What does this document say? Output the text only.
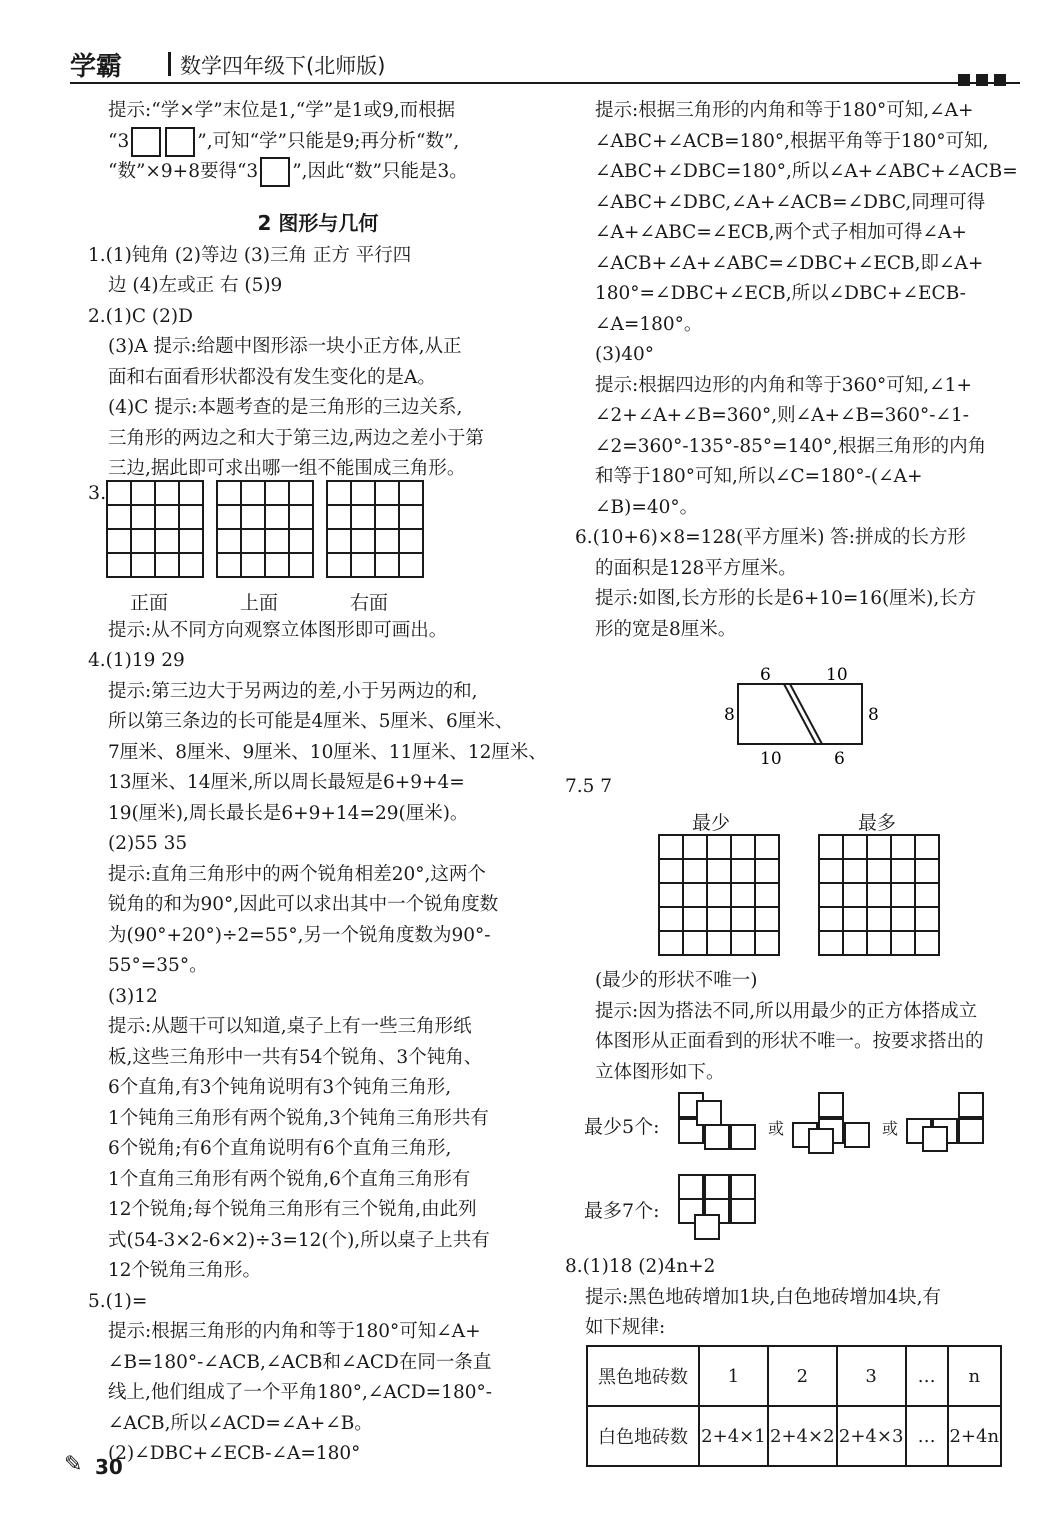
学霸	数学四年级下(北师版)

提示:“学×学”末位是1,“学”是1或9,而根据

“3	”,可知“学”只能是9;再分析“数”,

“数”×9+8要得“3 ”,因此“数”只能是3。

2 图形与几何

1.(1)钝角 (2)等边 (3)三角 正方 平行四

边 (4)左或正 右 (5)9

2.(1)C (2)D

(3)A 提示:给题中图形添一块小正方体,从正

面和右面看形状都没有发生变化的是A。

(4)C 提示:本题考查的是三角形的三边关系,

三角形的两边之和大于第三边,两边之差小于第

三边,据此即可求出哪一组不能围成三角形。

3.

正面	上面	右面

提示:从不同方向观察立体图形即可画出。

4.(1)19 29

提示:第三边大于另两边的差,小于另两边的和,

所以第三条边的长可能是4厘米、5厘米、6厘米、

7厘米、8厘米、9厘米、10厘米、11厘米、12厘米、

13厘米、14厘米,所以周长最短是6+9+4=

19(厘米),周长最长是6+9+14=29(厘米)。

(2)55 35

提示:直角三角形中的两个锐角相差20°,这两个

锐角的和为90°,因此可以求出其中一个锐角度数

为(90°+20°)÷2=55°,另一个锐角度数为90°-

55°=35°。

(3)12

提示:从题干可以知道,桌子上有一些三角形纸

板,这些三角形中一共有54个锐角、3个钝角、

6个直角,有3个钝角说明有3个钝角三角形,

1个钝角三角形有两个锐角,3个钝角三角形共有

6个锐角;有6个直角说明有6个直角三角形,

1个直角三角形有两个锐角,6个直角三角形有

12个锐角;每个锐角三角形有三个锐角,由此列

式(54-3×2-6×2)÷3=12(个),所以桌子上共有

12个锐角三角形。

5.(1)=

提示:根据三角形的内角和等于180°可知∠A+

∠B=180°-∠ACB,∠ACB和∠ACD在同一条直

线上,他们组成了一个平角180°,∠ACD=180°-

∠ACB,所以∠ACD=∠A+∠B。

(2)∠DBC+∠ECB-∠A=180°

提示:根据三角形的内角和等于180°可知,∠A+

∠ABC+∠ACB=180°,根据平角等于180°可知,

∠ABC+∠DBC=180°,所以∠A+∠ABC+∠ACB=

∠ABC+∠DBC,∠A+∠ACB=∠DBC,同理可得

∠A+∠ABC=∠ECB,两个式子相加可得∠A+

∠ACB+∠A+∠ABC=∠DBC+∠ECB,即∠A+

180°=∠DBC+∠ECB,所以∠DBC+∠ECB-

∠A=180°。

(3)40°

提示:根据四边形的内角和等于360°可知,∠1+

∠2+∠A+∠B=360°,则∠A+∠B=360°-∠1-

∠2=360°-135°-85°=140°,根据三角形的内角

和等于180°可知,所以∠C=180°-(∠A+

∠B)=40°。

6.(10+6)×8=128(平方厘米) 答:拼成的长方形

的面积是128平方厘米。

提示:如图,长方形的长是6+10=16(厘米),长方

形的宽是8厘米。

6	10
8	8
10	6

7.5 7

最少	最多

(最少的形状不唯一)

提示:因为搭法不同,所以用最少的正方体搭成立

体图形从正面看到的形状不唯一。按要求搭出的

立体图形如下。

最少5个:	或	或
最多7个:

8.(1)18 (2)4n+2

提示:黑色地砖增加1块,白色地砖增加4块,有

如下规律:

黑色地砖数	1	2	3	…	n
白色地砖数	2+4×1	2+4×2	2+4×3	…	2+4n
✎ 30
